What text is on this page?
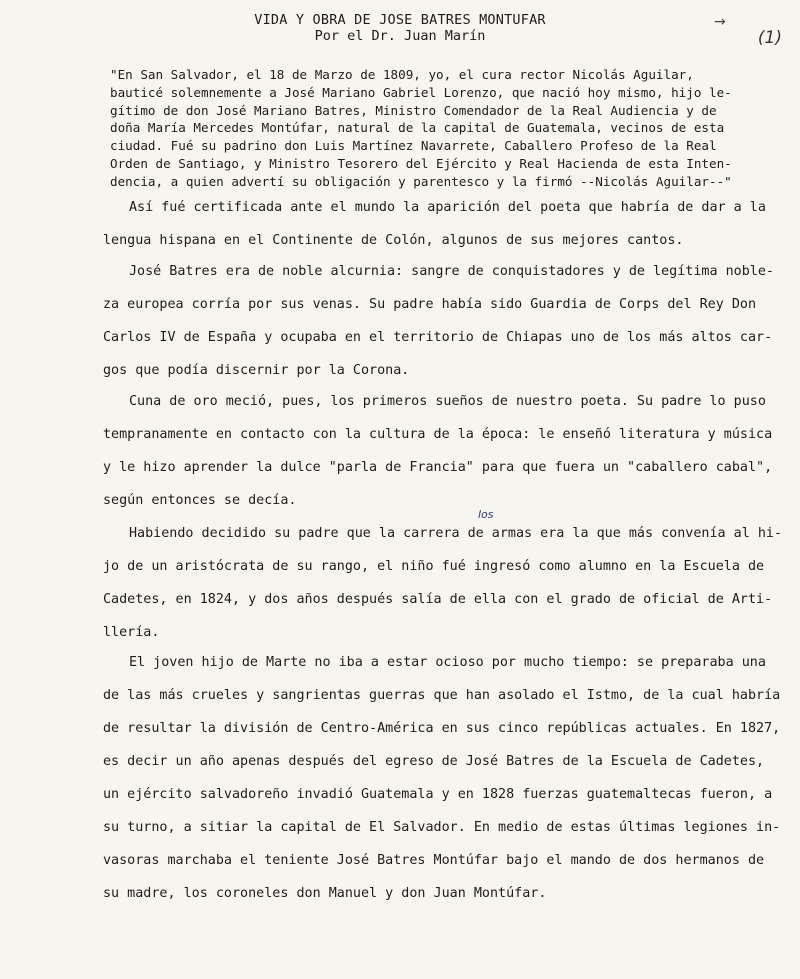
VIDA Y OBRA DE JOSE BATRES MONTUFAR
Por el Dr. Juan Marín
→
(1)
"En San Salvador, el 18 de Marzo de 1809, yo, el cura rector Nicolás Aguilar,
bauticé solemnemente a José Mariano Gabriel Lorenzo, que nació hoy mismo, hijo le-
gítimo de don José Mariano Batres, Ministro Comendador de la Real Audiencia y de
doña María Mercedes Montúfar, natural de la capital de Guatemala, vecinos de esta
ciudad. Fué su padrino don Luis Martínez Navarrete, Caballero Profeso de la Real
Orden de Santiago, y Ministro Tesorero del Ejército y Real Hacienda de esta Inten-
dencia, a quien advertí su obligación y parentesco y la firmó --Nicolás Aguilar--"
Así fué certificada ante el mundo la aparición del poeta que habría de dar a la
lengua hispana en el Continente de Colón, algunos de sus mejores cantos.
José Batres era de noble alcurnia: sangre de conquistadores y de legítima noble-
za europea corría por sus venas. Su padre había sido Guardia de Corps del Rey Don
Carlos IV de España y ocupaba en el territorio de Chiapas uno de los más altos car-
gos que podía discernir por la Corona.
Cuna de oro meció, pues, los primeros sueños de nuestro poeta. Su padre lo puso
tempranamente en contacto con la cultura de la época: le enseñó literatura y música
y le hizo aprender la dulce "parla de Francia" para que fuera un "caballero cabal",
según entonces se decía.
Habiendo decidido su padre que la carrera de armas era la que más convenía al hi-
jo de un aristócrata de su rango, el niño fué ingresó como alumno en la Escuela de
Cadetes, en 1824, y dos años después salía de ella con el grado de oficial de Arti-
llería.
los
El joven hijo de Marte no iba a estar ocioso por mucho tiempo: se preparaba una
de las más crueles y sangrientas guerras que han asolado el Istmo, de la cual habría
de resultar la división de Centro-América en sus cinco repúblicas actuales. En 1827,
es decir un año apenas después del egreso de José Batres de la Escuela de Cadetes,
un ejército salvadoreño invadió Guatemala y en 1828 fuerzas guatemaltecas fueron, a
su turno, a sitiar la capital de El Salvador. En medio de estas últimas legiones in-
vasoras marchaba el teniente José Batres Montúfar bajo el mando de dos hermanos de
su madre, los coroneles don Manuel y don Juan Montúfar.
